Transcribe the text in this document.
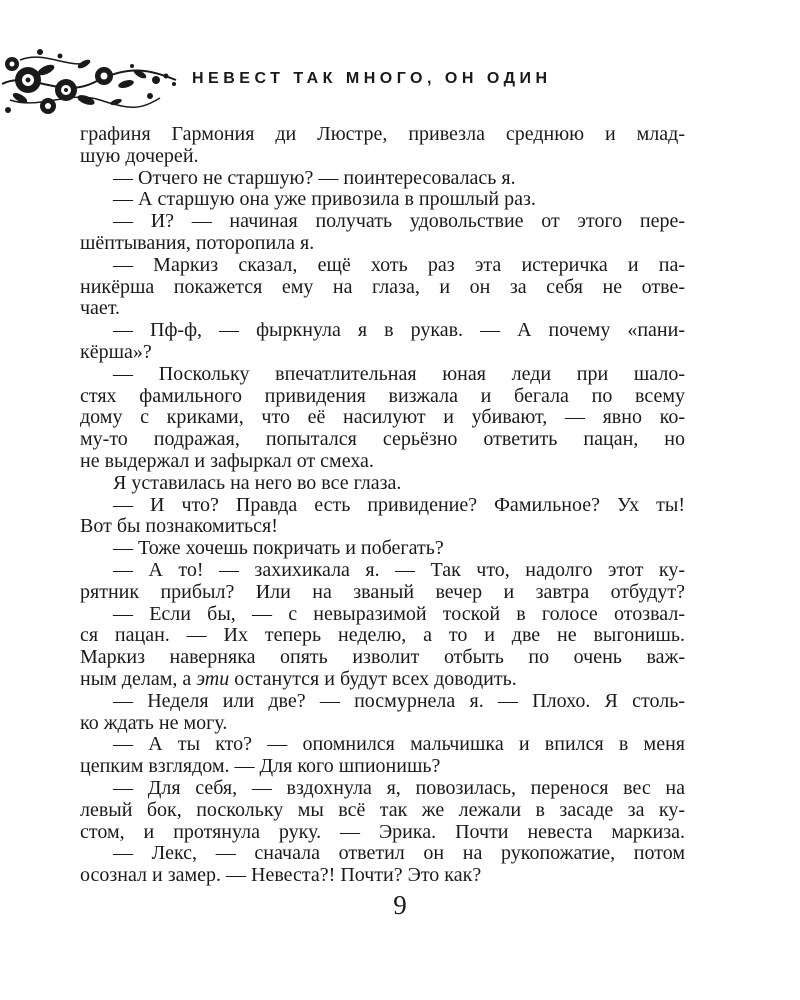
НЕВЕСТ ТАК МНОГО, ОН ОДИН
графиня Гармония ди Люстре, привезла среднюю и млад-
шую дочерей.
— Отчего не старшую? — поинтересовалась я.
— А старшую она уже привозила в прошлый раз.
— И? — начиная получать удовольствие от этого пере-
шёптывания, поторопила я.
— Маркиз сказал, ещё хоть раз эта истеричка и па-
никёрша покажется ему на глаза, и он за себя не отве-
чает.
— Пф-ф, — фыркнула я в рукав. — А почему «пани-
кёрша»?
— Поскольку впечатлительная юная леди при шало-
стях фамильного привидения визжала и бегала по всему
дому с криками, что её насилуют и убивают, — явно ко-
му-то подражая, попытался серьёзно ответить пацан, но
не выдержал и зафыркал от смеха.
Я уставилась на него во все глаза.
— И что? Правда есть привидение? Фамильное? Ух ты!
Вот бы познакомиться!
— Тоже хочешь покричать и побегать?
— А то! — захихикала я. — Так что, надолго этот ку-
рятник прибыл? Или на званый вечер и завтра отбудут?
— Если бы, — с невыразимой тоской в голосе отозвал-
ся пацан. — Их теперь неделю, а то и две не выгонишь.
Маркиз наверняка опять изволит отбыть по очень важ-
ным делам, а эти останутся и будут всех доводить.
— Неделя или две? — посмурнела я. — Плохо. Я столь-
ко ждать не могу.
— А ты кто? — опомнился мальчишка и впился в меня
цепким взглядом. — Для кого шпионишь?
— Для себя, — вздохнула я, повозилась, перенося вес на
левый бок, поскольку мы всё так же лежали в засаде за ку-
стом, и протянула руку. — Эрика. Почти невеста маркиза.
— Лекс, — сначала ответил он на рукопожатие, потом
осознал и замер. — Невеста?! Почти? Это как?
9
